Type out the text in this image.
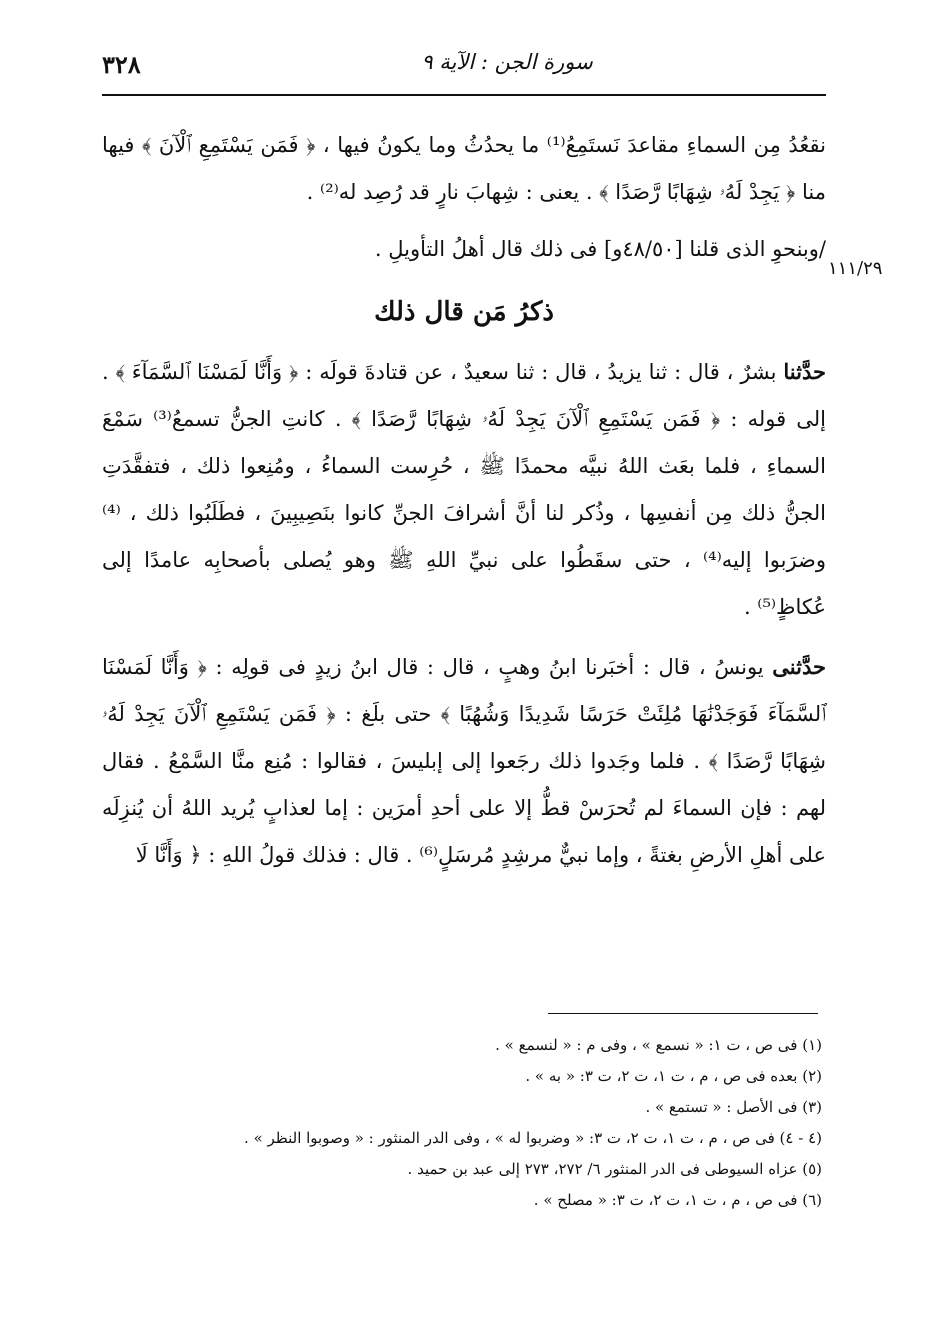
٣٢٨	سورة الجن : الآية ٩
١١١/٢٩

نقعُدُ مِن السماءِ مقاعدَ نَستَمِعُ⁽¹⁾ ما يحدُثُ وما يكونُ فيها ، ﴿ فَمَن يَسْتَمِعِ ٱلْآنَ ﴾ فيها منا ﴿ يَجِدْ لَهُۥ شِهَابًا رَّصَدًا ﴾ . يعنى : شِهابَ نارٍ قد رُصِد له⁽²⁾ .

/وبنحوِ الذى قلنا [٤٨/٥٠و] فى ذلك قال أهلُ التأويلِ .

ذكرُ مَن قال ذلك

حدَّثنا بشرٌ ، قال : ثنا يزيدُ ، قال : ثنا سعيدٌ ، عن قتادةَ قولَه : ﴿ وَأَنَّا لَمَسْنَا ٱلسَّمَآءَ ﴾ . إلى قوله : ﴿ فَمَن يَسْتَمِعِ ٱلْآنَ يَجِدْ لَهُۥ شِهَابًا رَّصَدًا ﴾ . كانتِ الجنُّ تسمعُ⁽³⁾ سَمْعَ السماءِ ، فلما بعَث اللهُ نبيَّه محمدًا ﷺ ، حُرِست السماءُ ، ومُنِعوا ذلك ، فتفقَّدَتِ الجنُّ ذلك مِن أنفسِها ، وذُكر لنا أنَّ أشرافَ الجنِّ كانوا بنَصِيبِينَ ، فطَلَبُوا ذلك ، ⁽⁴⁾وضرَبوا إليه⁽⁴⁾ ، حتى سقَطُوا على نبيِّ اللهِ ﷺ وهو يُصلى بأصحابِه عامدًا إلى عُكاظٍ⁽⁵⁾ .

حدَّثنى يونسُ ، قال : أخبَرنا ابنُ وهبٍ ، قال : قال ابنُ زيدٍ فى قولِه : ﴿ وَأَنَّا لَمَسْنَا ٱلسَّمَآءَ فَوَجَدْنَٰهَا مُلِئَتْ حَرَسًا شَدِيدًا وَشُهُبًا ﴾ حتى بلَغ : ﴿ فَمَن يَسْتَمِعِ ٱلْآنَ يَجِدْ لَهُۥ شِهَابًا رَّصَدًا ﴾ . فلما وجَدوا ذلك رجَعوا إلى إبليسَ ، فقالوا : مُنِع منَّا السَّمْعُ . فقال لهم : فإن السماءَ لم تُحرَسْ قطُّ إلا على أحدِ أمرَين : إما لعذابٍ يُريد اللهُ أن يُنزِلَه على أهلِ الأرضِ بغتةً ، وإما نبيٌّ مرشِدٍ مُرسَلٍ⁽⁶⁾ . قال : فذلك قولُ اللهِ : ﴿ وَأَنَّا لَا

(١) فى ص ، ت ١: « نسمع » ، وفى م : « لنسمع » .

(٢) بعده فى ص ، م ، ت ١، ت ٢، ت ٣: « به » .

(٣) فى الأصل : « تستمع » .

(٤ - ٤) فى ص ، م ، ت ١، ت ٢، ت ٣: « وضربوا له » ، وفى الدر المنثور : « وصوبوا النظر » .

(٥) عزاه السيوطى فى الدر المنثور ٦/ ٢٧٢، ٢٧٣ إلى عبد بن حميد .

(٦) فى ص ، م ، ت ١، ت ٢، ت ٣: « مصلح » .
